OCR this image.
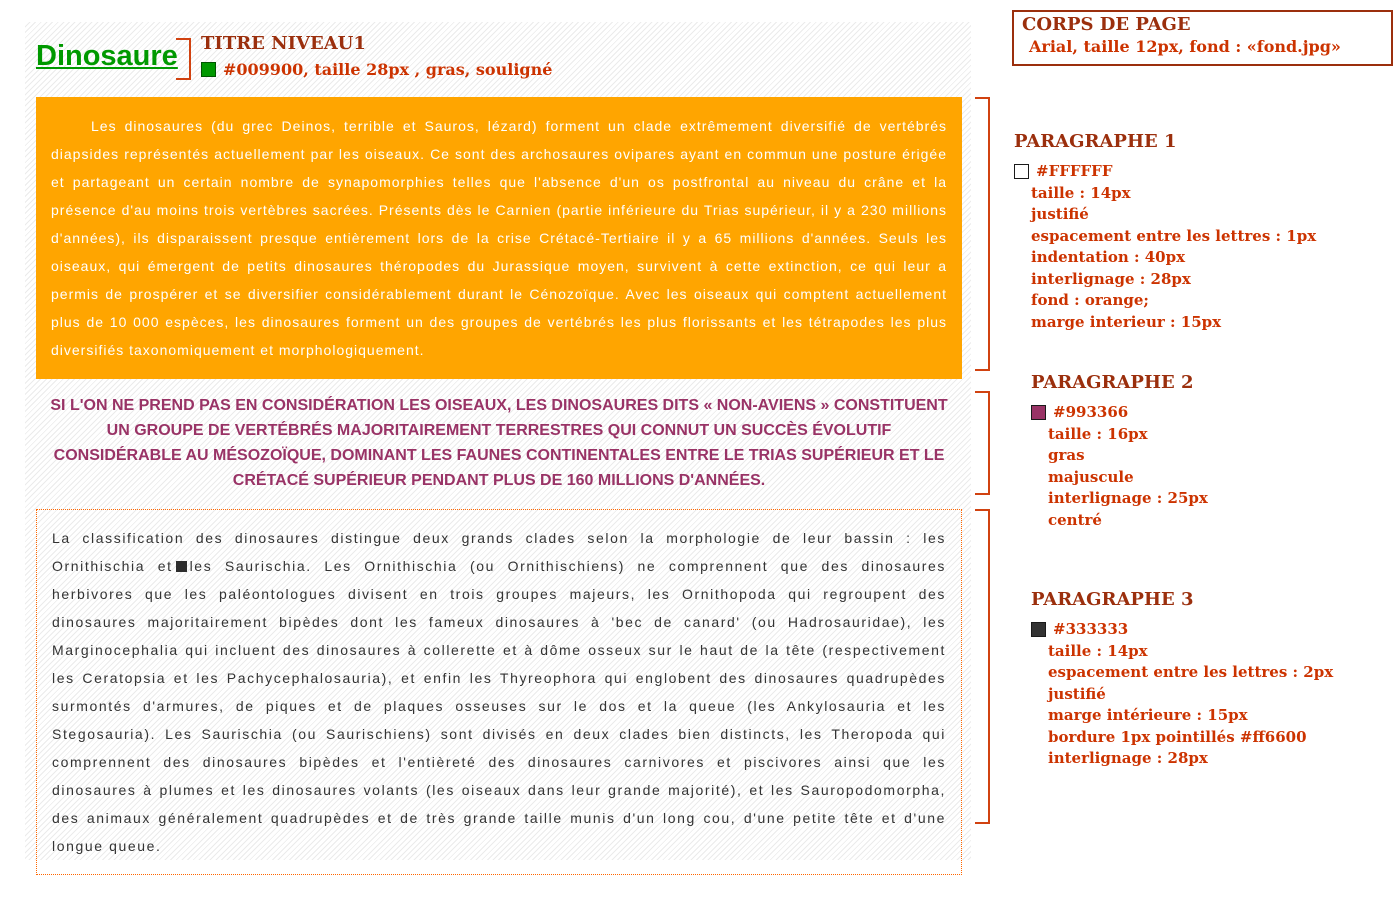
Dinosaure

Les dinosaures (du grec Deinos, terrible et Sauros, lézard) forment un clade extrêmement diversifié de vertébrés diapsides représentés actuellement par les oiseaux. Ce sont des archosaures ovipares ayant en commun une posture érigée et partageant un certain nombre de synapomorphies telles que l'absence d'un os postfrontal au niveau du crâne et la présence d'au moins trois vertèbres sacrées. Présents dès le Carnien (partie inférieure du Trias supérieur, il y a 230 millions d'années), ils disparaissent presque entièrement lors de la crise Crétacé-Tertiaire il y a 65 millions d'années. Seuls les oiseaux, qui émergent de petits dinosaures théropodes du Jurassique moyen, survivent à cette extinction, ce qui leur a permis de prospérer et se diversifier considérablement durant le Cénozoïque. Avec les oiseaux qui comptent actuellement plus de 10 000 espèces, les dinosaures forment un des groupes de vertébrés les plus florissants et les tétrapodes les plus diversifiés taxonomiquement et morphologiquement.

SI L'ON NE PREND PAS EN CONSIDÉRATION LES OISEAUX, LES DINOSAURES DITS « NON-AVIENS » CONSTITUENT UN GROUPE DE VERTÉBRÉS MAJORITAIREMENT TERRESTRES QUI CONNUT UN SUCCÈS ÉVOLUTIF CONSIDÉRABLE AU MÉSOZOÏQUE, DOMINANT LES FAUNES CONTINENTALES ENTRE LE TRIAS SUPÉRIEUR ET LE CRÉTACÉ SUPÉRIEUR PENDANT PLUS DE 160 MILLIONS D'ANNÉES.

La classification des dinosaures distingue deux grands clades selon la morphologie de leur bassin : les Ornithischia et les Saurischia. Les Ornithischia (ou Ornithischiens) ne comprennent que des dinosaures herbivores que les paléontologues divisent en trois groupes majeurs, les Ornithopoda qui regroupent des dinosaures majoritairement bipèdes dont les fameux dinosaures à 'bec de canard' (ou Hadrosauridae), les Marginocephalia qui incluent des dinosaures à collerette et à dôme osseux sur le haut de la tête (respectivement les Ceratopsia et les Pachycephalosauria), et enfin les Thyreophora qui englobent des dinosaures quadrupèdes surmontés d'armures, de piques et de plaques osseuses sur le dos et la queue (les Ankylosauria et les Stegosauria). Les Saurischia (ou Saurischiens) sont divisés en deux clades bien distincts, les Theropoda qui comprennent des dinosaures bipèdes et l'entièreté des dinosaures carnivores et piscivores ainsi que les dinosaures à plumes et les dinosaures volants (les oiseaux dans leur grande majorité), et les Sauropodomorpha, des animaux généralement quadrupèdes et de très grande taille munis d'un long cou, d'une petite tête et d'une longue queue.

TITRE NIVEAU1
#009900, taille 28px , gras, souligné
CORPS DE PAGE
Arial, taille 12px, fond : «fond.jpg»
PARAGRAPHE 1
#FFFFFF
taille : 14px
justifié
espacement entre les lettres : 1px
indentation : 40px
interlignage : 28px
fond : orange;
marge interieur : 15px
PARAGRAPHE 2
#993366
taille : 16px
gras
majuscule
interlignage : 25px
centré
PARAGRAPHE 3
#333333
taille : 14px
espacement entre les lettres : 2px
justifié
marge intérieure : 15px
bordure 1px pointillés #ff6600
interlignage : 28px
